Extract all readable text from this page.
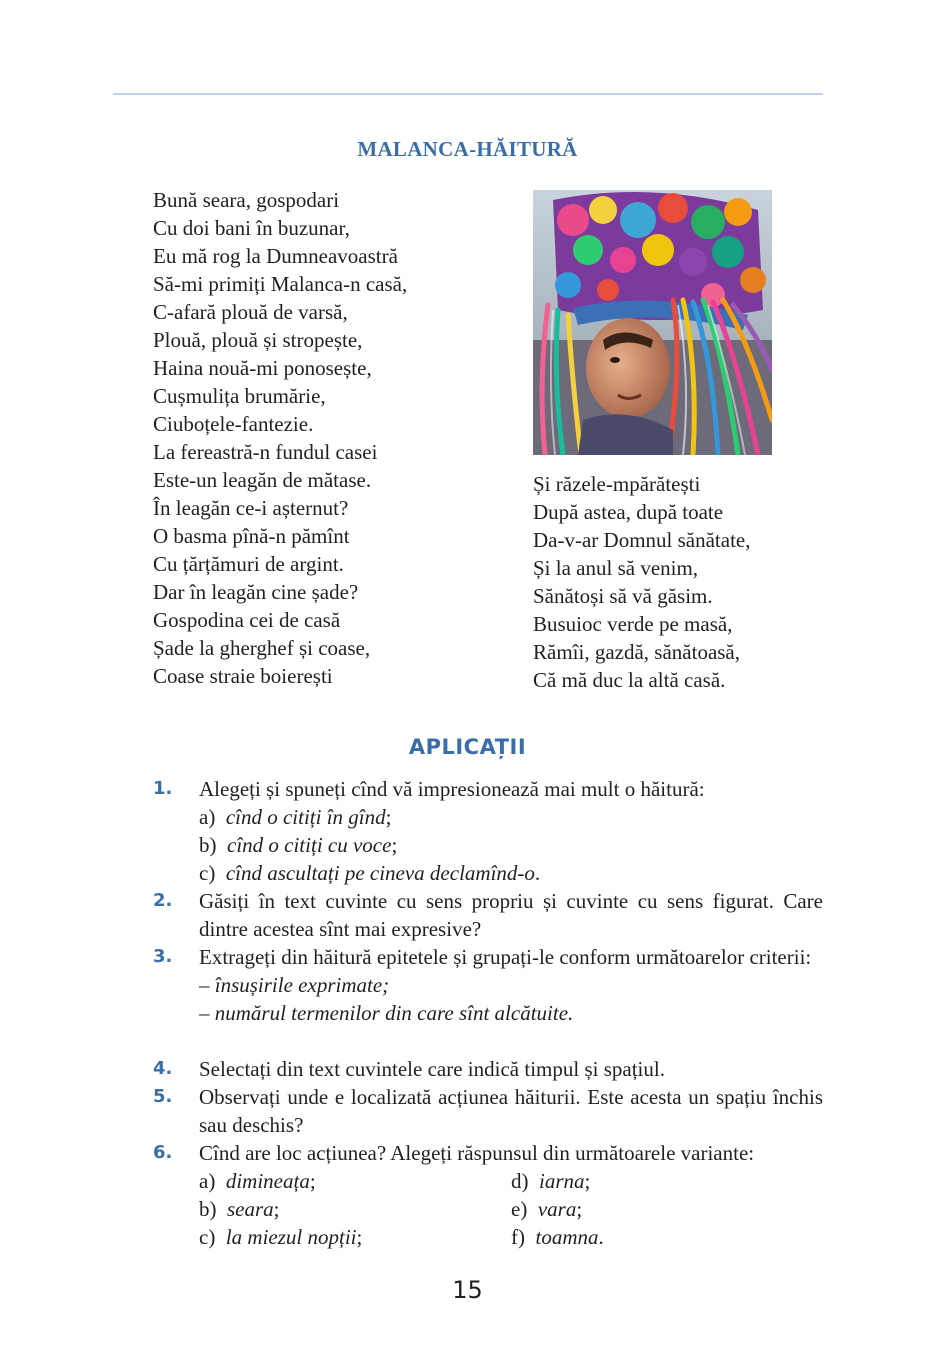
MALANCA-HĂITURĂ
Bună seara, gospodari
Cu doi bani în buzunar,
Eu mă rog la Dumneavoastră
Să-mi primiți Malanca-n casă,
C-afară plouă de varsă,
Plouă, plouă și stropește,
Haina nouă-mi ponosește,
Cușmulița brumărie,
Ciuboțele-fantezie.
La fereastră-n fundul casei
Este-un leagăn de mătase.
În leagăn ce-i așternut?
O basma pînă-n pămînt
Cu țărțămuri de argint.
Dar în leagăn cine șade?
Gospodina cei de casă
Șade la gherghef și coase,
Coase straie boierești
Și răzele-mpărătești
După astea, după toate
Da-v-ar Domnul sănătate,
Și la anul să venim,
Sănătoși să vă găsim.
Busuioc verde pe masă,
Rămîi, gazdă, sănătoasă,
Că mă duc la altă casă.
APLICAȚII
1.	Alegeți și spuneți cînd vă impresionează mai mult o hăitură:
a) cînd o citiți în gînd;
b) cînd o citiți cu voce;
c) cînd ascultați pe cineva declamînd-o.
2.	Găsiți în text cuvinte cu sens propriu și cuvinte cu sens figurat. Care dintre acestea sînt mai expresive?
3.	Extrageți din hăitură epitetele și grupați-le conform următoarelor criterii:
– însușirile exprimate;
– numărul termenilor din care sînt alcătuite.
4.	Selectați din text cuvintele care indică timpul și spațiul.
5.	Observați unde e localizată acțiunea hăiturii. Este acesta un spațiu închis sau deschis?
6.	Cînd are loc acțiunea? Alegeți răspunsul din următoarele variante:
a) dimineața;	d) iarna;
b) seara;	e) vara;
c) la miezul nopții;	f) toamna.
15
